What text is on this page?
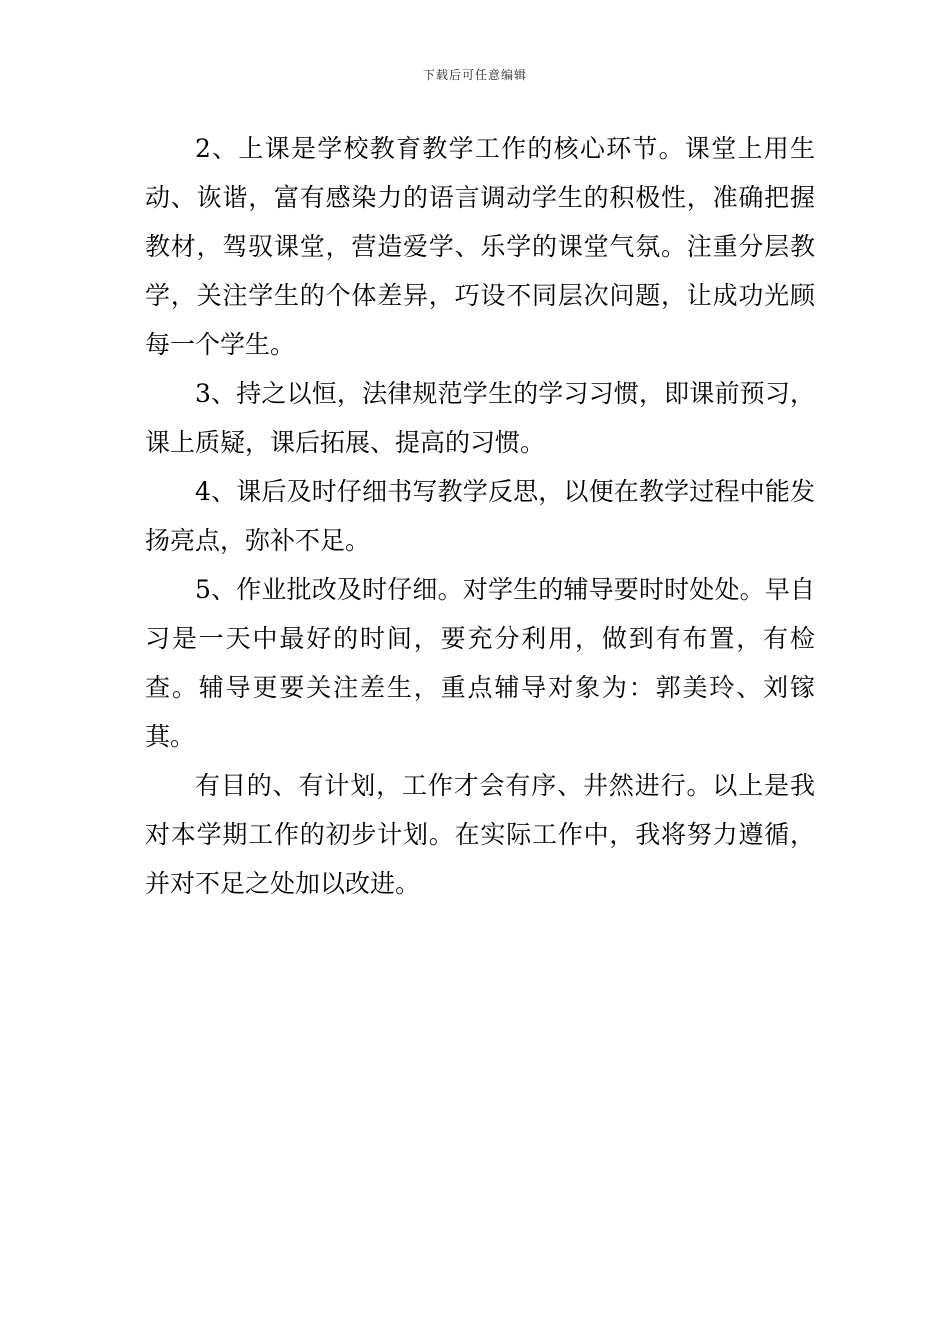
下载后可任意编辑

2、上课是学校教育教学工作的核心环节。课堂上用生动、诙谐，富有感染力的语言调动学生的积极性，准确把握教材，驾驭课堂，营造爱学、乐学的课堂气氛。注重分层教学，关注学生的个体差异，巧设不同层次问题，让成功光顾每一个学生。

3、持之以恒，法律规范学生的学习习惯，即课前预习，课上质疑，课后拓展、提高的习惯。

4、课后及时仔细书写教学反思，以便在教学过程中能发扬亮点，弥补不足。

5、作业批改及时仔细。对学生的辅导要时时处处。早自习是一天中最好的时间，要充分利用，做到有布置，有检查。辅导更要关注差生，重点辅导对象为：郭美玲、刘镓萁。

有目的、有计划，工作才会有序、井然进行。以上是我对本学期工作的初步计划。在实际工作中，我将努力遵循，并对不足之处加以改进。
